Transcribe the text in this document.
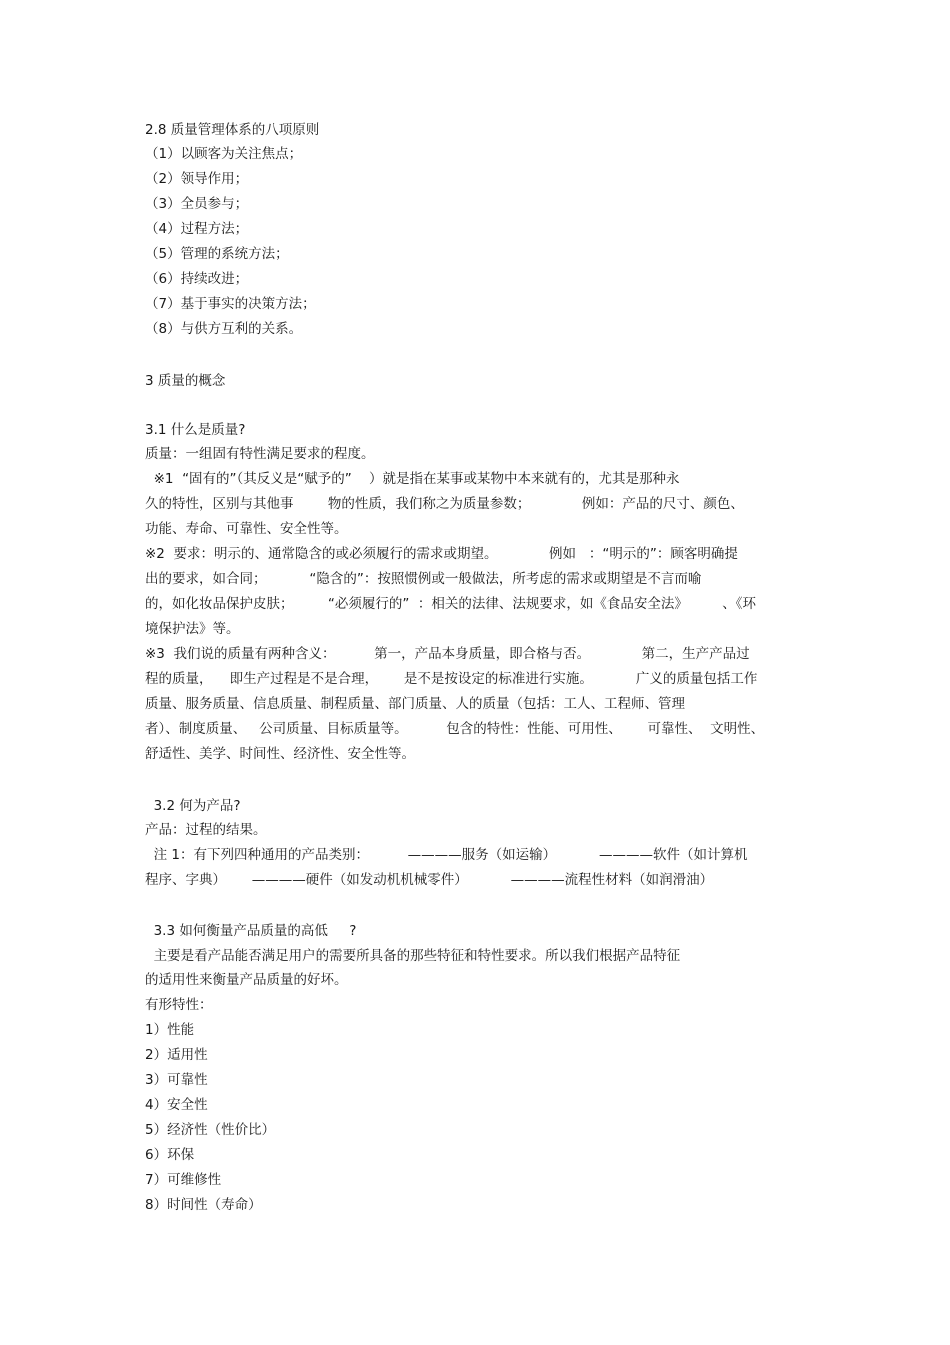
2.8 质量管理体系的八项原则

（1）以顾客为关注焦点；

（2）领导作用；

（3）全员参与；

（4）过程方法；

（5）管理的系统方法；

（6）持续改进；

（7）基于事实的决策方法；

（8）与供方互利的关系。

3 质量的概念

3.1 什么是质量?

质量：一组固有特性满足要求的程度。

※1  “固有的”（其反义是“赋予的”    ）就是指在某事或某物中本来就有的，尤其是那种永

久的特性，区别与其他事        物的性质，我们称之为质量参数；            例如：产品的尺寸、颜色、

功能、寿命、可靠性、安全性等。

※2  要求：明示的、通常隐含的或必须履行的需求或期望。            例如   ：“明示的”：顾客明确提

出的要求，如合同；          “隐含的”：按照惯例或一般做法，所考虑的需求或期望是不言而喻

的，如化妆品保护皮肤；        “必须履行的”  ：相关的法律、法规要求，如《食品安全法》        、《环

境保护法》等。

※3  我们说的质量有两种含义：         第一，产品本身质量，即合格与否。            第二，生产产品过

程的质量，    即生产过程是不是合理，      是不是按设定的标准进行实施。          广义的质量包括工作

质量、服务质量、信息质量、制程质量、部门质量、人的质量（包括：工人、工程师、管理

者）、制度质量、   公司质量、目标质量等。         包含的特性：性能、可用性、      可靠性、  文明性、

舒适性、美学、时间性、经济性、安全性等。

3.2 何为产品?

产品：过程的结果。

注 1：有下列四种通用的产品类别：         ————服务（如运输）          ————软件（如计算机

程序、字典）      ————硬件（如发动机机械零件）          ————流程性材料（如润滑油）

3.3 如何衡量产品质量的高低     ?

主要是看产品能否满足用户的需要所具备的那些特征和特性要求。所以我们根据产品特征

的适用性来衡量产品质量的好坏。

有形特性：

1）性能

2）适用性

3）可靠性

4）安全性

5）经济性（性价比）

6）环保

7）可维修性

8）时间性（寿命）
